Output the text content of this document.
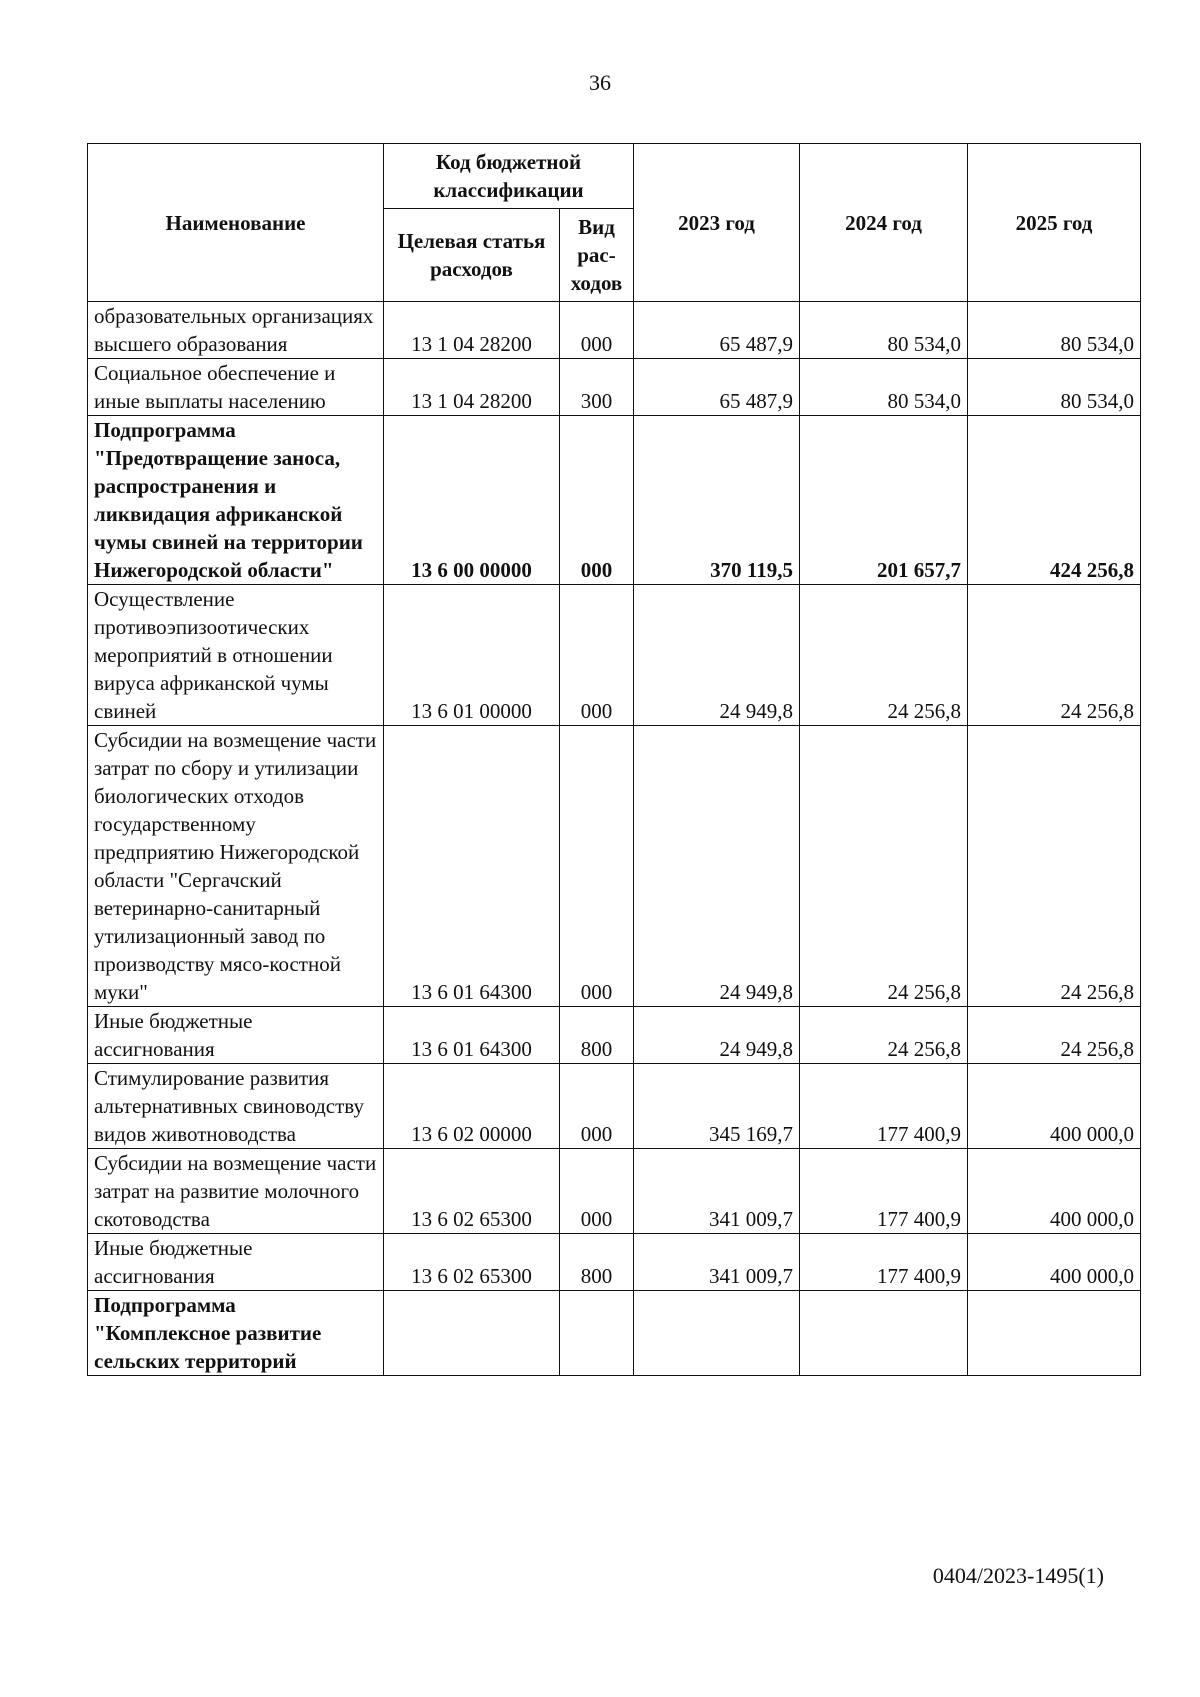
36
Наименование	Код бюджетной классификации		2023 год	2024 год	2025 год
	Целевая статья расходов	Вид рас-ходов			
образовательных организациях высшего образования	13 1 04 28200	000	65 487,9	80 534,0	80 534,0
Социальное обеспечение и иные выплаты населению	13 1 04 28200	300	65 487,9	80 534,0	80 534,0
Подпрограмма "Предотвращение заноса, распространения и ликвидация африканской чумы свиней на территории Нижегородской области"	13 6 00 00000	000	370 119,5	201 657,7	424 256,8
Осуществление противоэпизоотических мероприятий в отношении вируса африканской чумы свиней	13 6 01 00000	000	24 949,8	24 256,8	24 256,8
Субсидии на возмещение части затрат по сбору и утилизации биологических отходов государственному предприятию Нижегородской области "Сергачский ветеринарно-санитарный утилизационный завод по производству мясо-костной муки"	13 6 01 64300	000	24 949,8	24 256,8	24 256,8
Иные бюджетные ассигнования	13 6 01 64300	800	24 949,8	24 256,8	24 256,8
Стимулирование развития альтернативных свиноводству видов животноводства	13 6 02 00000	000	345 169,7	177 400,9	400 000,0
Субсидии на возмещение части затрат на развитие молочного скотоводства	13 6 02 65300	000	341 009,7	177 400,9	400 000,0
Иные бюджетные ассигнования	13 6 02 65300	800	341 009,7	177 400,9	400 000,0
Подпрограмма "Комплексное развитие сельских территорий					
0404/2023-1495(1)
